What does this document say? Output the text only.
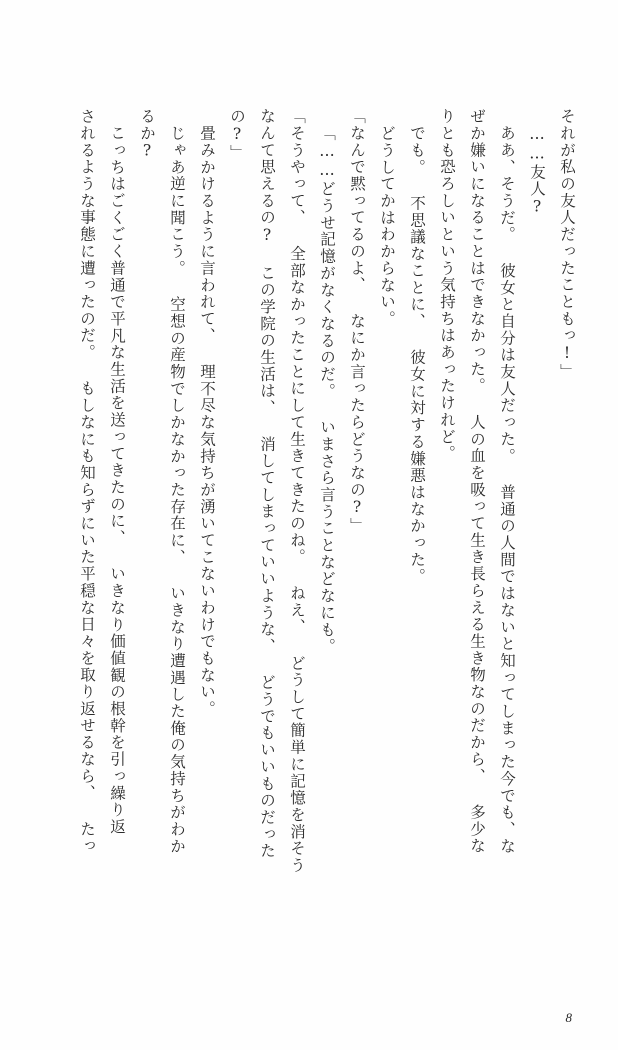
それが私の友人だったこともっ!」
……友人?
ああ、そうだ。 彼女と自分は友人だった。 普通の人間ではないと知ってしまった今でも、な
ぜか嫌いになることはできなかった。 人の血を吸って生き長らえる生き物なのだから、 多少な
りとも恐ろしいという気持ちはあったけれど。
でも。 不思議なことに、 彼女に対する嫌悪はなかった。
どうしてかはわからない。
「なんで黙ってるのよ、 なにか言ったらどうなの?」
「……どうせ記憶がなくなるのだ。 いまさら言うことなどなにも。
「そうやって、 全部なかったことにして生きてきたのね。 ねえ、 どうして簡単に記憶を消そう
なんて思えるの? この学院の生活は、 消してしまっていいような、 どうでもいいものだった
の?」
畳みかけるように言われて、 理不尽な気持ちが湧いてこないわけでもない。
じゃあ逆に聞こう。 空想の産物でしかなかった存在に、 いきなり遭遇した俺の気持ちがわか
るか?
こっちはごくごく普通で平凡な生活を送ってきたのに、 いきなり価値観の根幹を引っ繰り返
されるような事態に遭ったのだ。 もしなにも知らずにいた平穏な日々を取り返せるなら、 たっ
8
